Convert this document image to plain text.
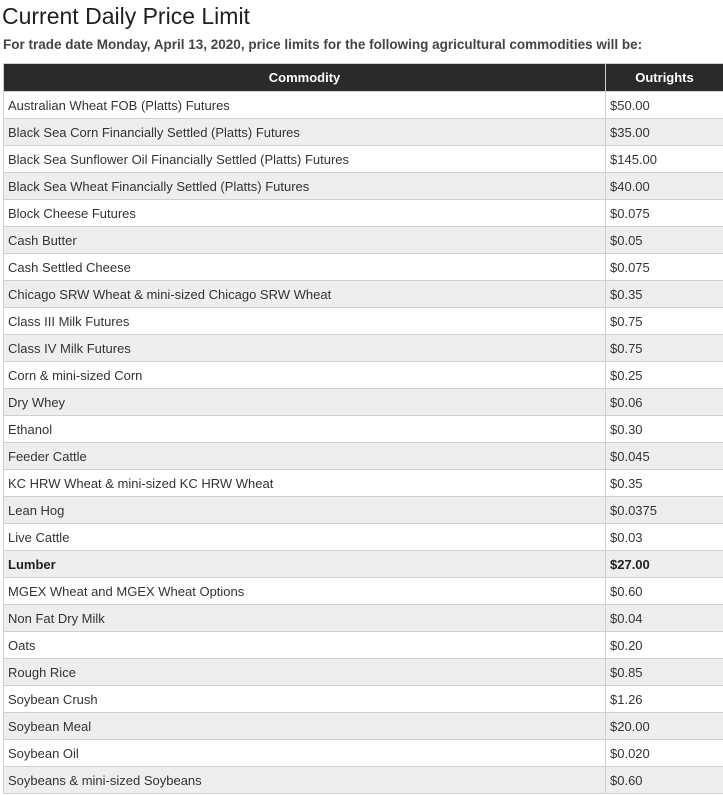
Current Daily Price Limit

For trade date Monday, April 13, 2020, price limits for the following agricultural commodities will be:

Commodity	Outrights
Australian Wheat FOB (Platts) Futures	$50.00
Black Sea Corn Financially Settled (Platts) Futures	$35.00
Black Sea Sunflower Oil Financially Settled (Platts) Futures	$145.00
Black Sea Wheat Financially Settled (Platts) Futures	$40.00
Block Cheese Futures	$0.075
Cash Butter	$0.05
Cash Settled Cheese	$0.075
Chicago SRW Wheat & mini-sized Chicago SRW Wheat	$0.35
Class III Milk Futures	$0.75
Class IV Milk Futures	$0.75
Corn & mini-sized Corn	$0.25
Dry Whey	$0.06
Ethanol	$0.30
Feeder Cattle	$0.045
KC HRW Wheat & mini-sized KC HRW Wheat	$0.35
Lean Hog	$0.0375
Live Cattle	$0.03
Lumber	$27.00
MGEX Wheat and MGEX Wheat Options	$0.60
Non Fat Dry Milk	$0.04
Oats	$0.20
Rough Rice	$0.85
Soybean Crush	$1.26
Soybean Meal	$20.00
Soybean Oil	$0.020
Soybeans & mini-sized Soybeans	$0.60
